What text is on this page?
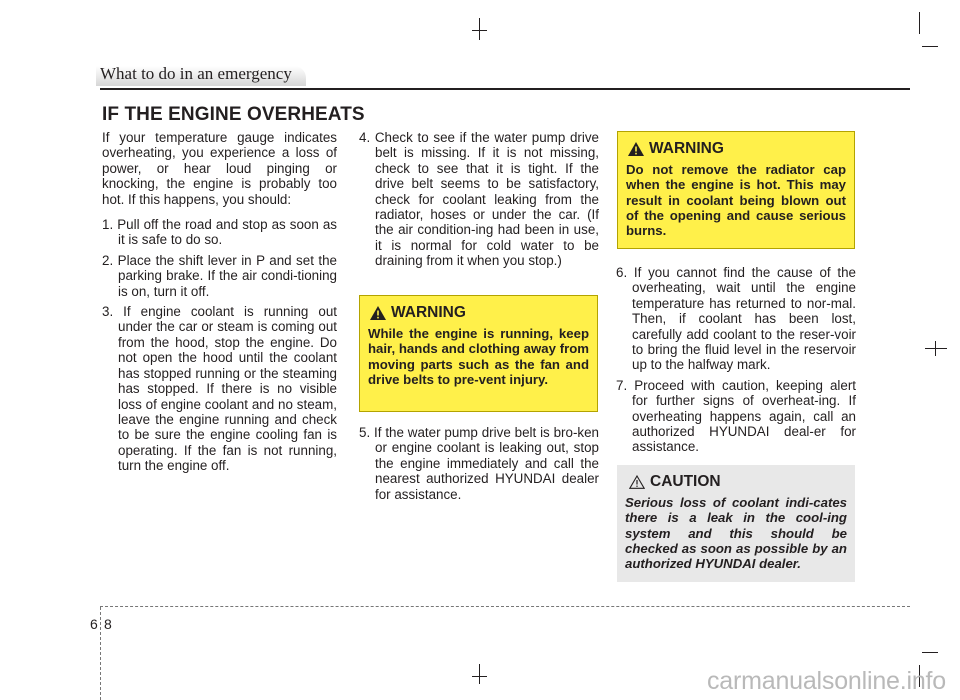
What to do in an emergency
IF THE ENGINE OVERHEATS

If your temperature gauge indicates overheating, you experience a loss of power, or hear loud pinging or knocking, the engine is probably too hot. If this happens, you should:

1. Pull off the road and stop as soon as it is safe to do so.

2. Place the shift lever in P and set the parking brake. If the air condi-tioning is on, turn it off.

3. If engine coolant is running out under the car or steam is coming out from the hood, stop the engine. Do not open the hood until the coolant has stopped running or the steaming has stopped. If there is no visible loss of engine coolant and no steam, leave the engine running and check to be sure the engine cooling fan is operating. If the fan is not running, turn the engine off.

4. Check to see if the water pump drive belt is missing. If it is not missing, check to see that it is tight. If the drive belt seems to be satisfactory, check for coolant leaking from the radiator, hoses or under the car. (If the air condition-ing had been in use, it is normal for cold water to be draining from it when you stop.)

WARNING
While the engine is running, keep hair, hands and clothing away from moving parts such as the fan and drive belts to pre-vent injury.

5. If the water pump drive belt is bro-ken or engine coolant is leaking out, stop the engine immediately and call the nearest authorized HYUNDAI dealer for assistance.

WARNING
Do not remove the radiator cap when the engine is hot. This may result in coolant being blown out of the opening and cause serious burns.

6. If you cannot find the cause of the overheating, wait until the engine temperature has returned to nor-mal. Then, if coolant has been lost, carefully add coolant to the reser-voir to bring the fluid level in the reservoir up to the halfway mark.

7. Proceed with caution, keeping alert for further signs of overheat-ing. If overheating happens again, call an authorized HYUNDAI deal-er for assistance.

CAUTION
Serious loss of coolant indi-cates there is a leak in the cool-ing system and this should be checked as soon as possible by an authorized HYUNDAI dealer.
6 8
carmanualsonline.info
